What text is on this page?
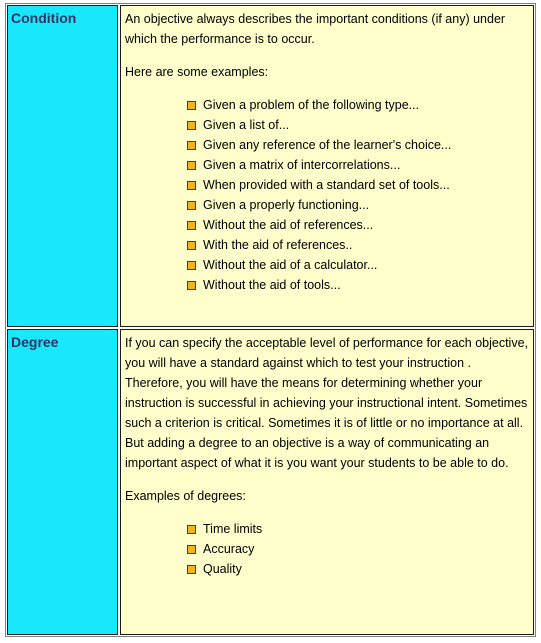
Condition	An objective always describes the important conditions (if any) under which the performance is to occur.

Here are some examples:

Given a problem of the following type...
Given a list of...
Given any reference of the learner's choice...
Given a matrix of intercorrelations...
When provided with a standard set of tools...
Given a properly functioning...
Without the aid of references...
With the aid of references..
Without the aid of a calculator...
Without the aid of tools...
Degree	If you can specify the acceptable level of performance for each objective, you will have a standard against which to test your instruction . Therefore, you will have the means for determining whether your instruction is successful in achieving your instructional intent. Sometimes such a criterion is critical. Sometimes it is of little or no importance at all. But adding a degree to an objective is a way of communicating an important aspect of what it is you want your students to be able to do.

Examples of degrees:

Time limits
Accuracy
Quality
